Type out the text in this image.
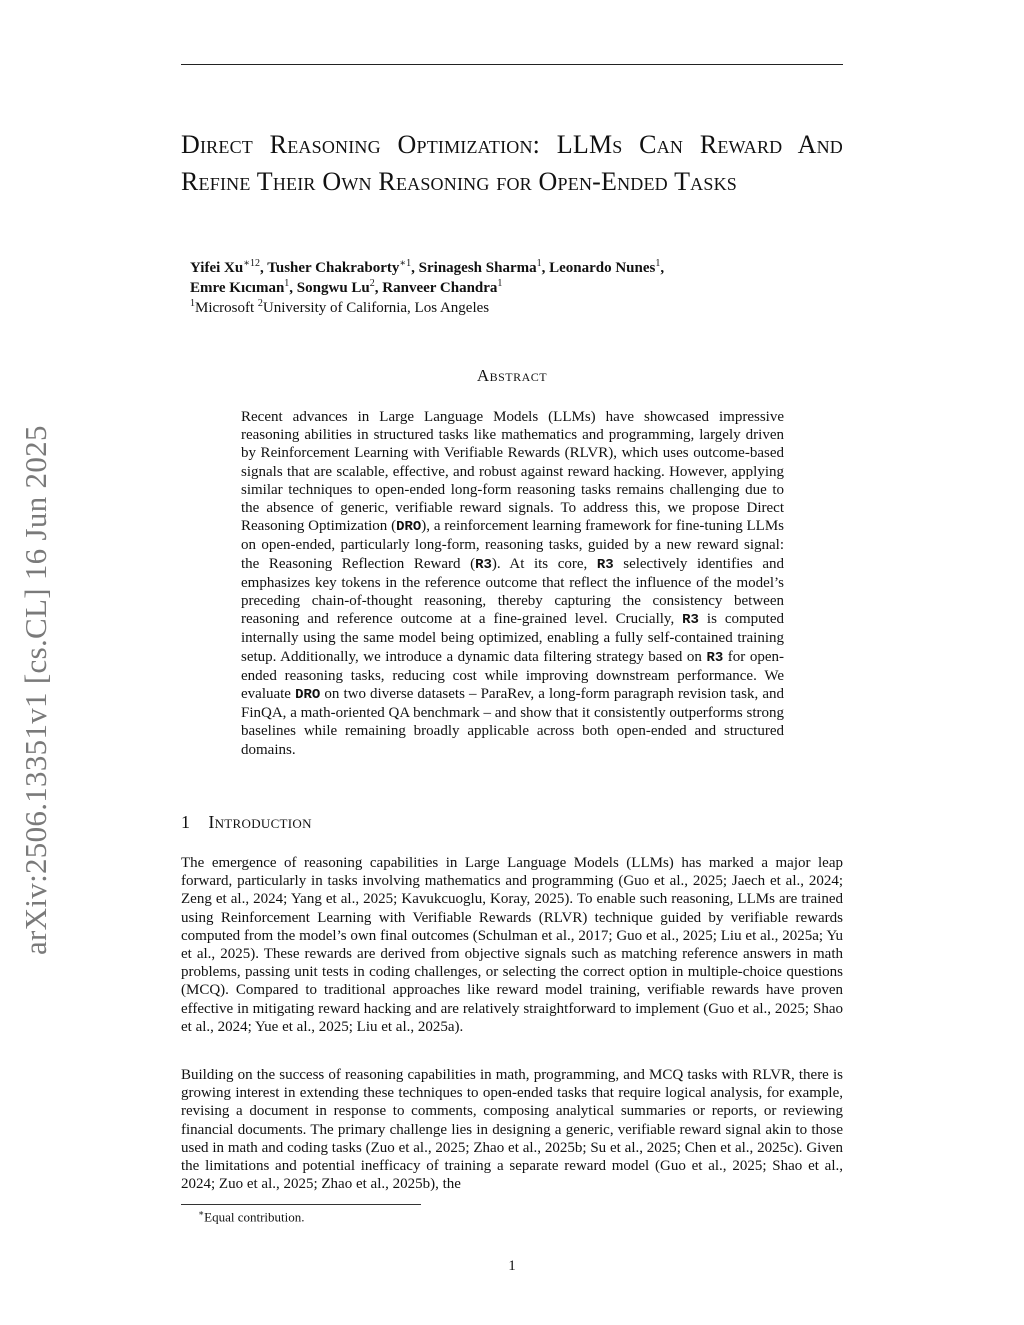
arXiv:2506.13351v1 [cs.CL] 16 Jun 2025
Direct Reasoning Optimization: LLMs Can Reward And Refine Their Own Reasoning for Open-Ended Tasks
Yifei $Xu^{∗12}$, Tusher Chakraborty$^{∗1}$, Srinagesh Sharma$^1$, Leonardo Nunes$^1$,
Emre Kıcıman$^1$, Songwu Lu$^2$, Ranveer Chandra$^1$
$^1$Microsoft $^2$University of California, Los Angeles
Abstract
Recent advances in Large Language Models (LLMs) have showcased impressive reasoning abilities in structured tasks like mathematics and programming, largely driven by Reinforcement Learning with Verifiable Rewards (RLVR), which uses outcome-based signals that are scalable, effective, and robust against reward hacking. However, applying similar techniques to open-ended long-form reasoning tasks remains challenging due to the absence of generic, verifiable reward signals. To address this, we propose Direct Reasoning Optimization (DRO), a reinforcement learning framework for fine-tuning LLMs on open-ended, particularly long-form, reasoning tasks, guided by a new reward signal: the Reasoning Reflection Reward (R3). At its core, R3 selectively identifies and emphasizes key tokens in the reference outcome that reflect the influence of the model’s preceding chain-of-thought reasoning, thereby capturing the consistency between reasoning and reference outcome at a fine-grained level. Crucially, R3 is computed internally using the same model being optimized, enabling a fully self-contained training setup. Additionally, we introduce a dynamic data filtering strategy based on R3 for open-ended reasoning tasks, reducing cost while improving downstream performance. We evaluate DRO on two diverse datasets – ParaRev, a long-form paragraph revision task, and FinQA, a math-oriented QA benchmark – and show that it consistently outperforms strong baselines while remaining broadly applicable across both open-ended and structured domains.
1 Introduction
The emergence of reasoning capabilities in Large Language Models (LLMs) has marked a major leap forward, particularly in tasks involving mathematics and programming (Guo et al., 2025; Jaech et al., 2024; Zeng et al., 2024; Yang et al., 2025; Kavukcuoglu, Koray, 2025). To enable such reasoning, LLMs are trained using Reinforcement Learning with Verifiable Rewards (RLVR) technique guided by verifiable rewards computed from the model’s own final outcomes (Schulman et al., 2017; Guo et al., 2025; Liu et al., 2025a; Yu et al., 2025). These rewards are derived from objective signals such as matching reference answers in math problems, passing unit tests in coding challenges, or selecting the correct option in multiple-choice questions (MCQ). Compared to traditional approaches like reward model training, verifiable rewards have proven effective in mitigating reward hacking and are relatively straightforward to implement (Guo et al., 2025; Shao et al., 2024; Yue et al., 2025; Liu et al., 2025a).
Building on the success of reasoning capabilities in math, programming, and MCQ tasks with RLVR, there is growing interest in extending these techniques to open-ended tasks that require logical analysis, for example, revising a document in response to comments, composing analytical summaries or reports, or reviewing financial documents. The primary challenge lies in designing a generic, verifiable reward signal akin to those used in math and coding tasks (Zuo et al., 2025; Zhao et al., 2025b; Su et al., 2025; Chen et al., 2025c). Given the limitations and potential inefficacy of training a separate reward model (Guo et al., 2025; Shao et al., 2024; Zuo et al., 2025; Zhao et al., 2025b), the
∗Equal contribution.
1
